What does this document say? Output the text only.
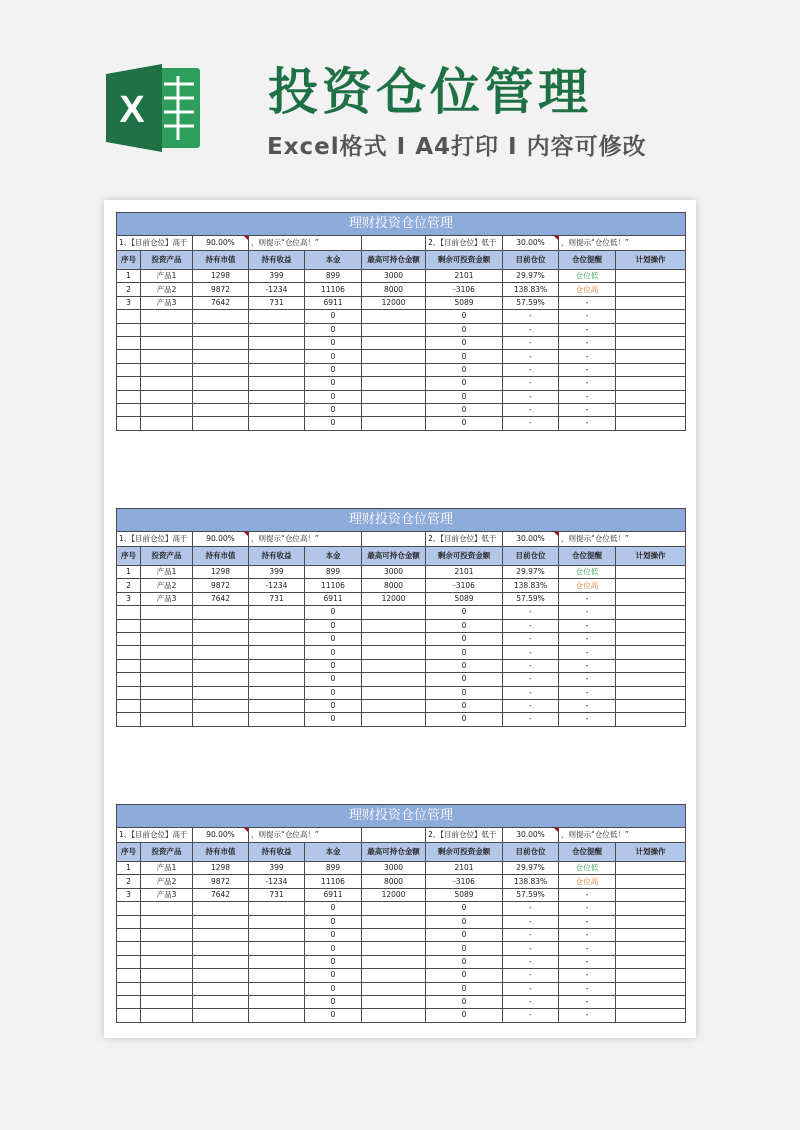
X 投资仓位管理
Excel格式 I A4打印 I 内容可修改
理财投资仓位管理									
1、【目前仓位】高于		90.00%	，则提示“仓位高！”			2、【目前仓位】低于	30.00%	，则提示“仓位低！”	
序号	投资产品	持有市值	持有收益	本金	最高可持仓金额	剩余可投资金额	目前仓位	仓位提醒	计划操作
1	产品1	1298	399	899	3000	2101	29.97%	仓位低	
2	产品2	9872	-1234	11106	8000	-3106	138.83%	仓位高	
3	产品3	7642	731	6911	12000	5089	57.59%	-	
				0		0	-	-	
				0		0	-	-	
				0		0	-	-	
				0		0	-	-	
				0		0	-	-	
				0		0	-	-	
				0		0	-	-	
				0		0	-	-	
				0		0	-	-	
理财投资仓位管理									
1、【目前仓位】高于		90.00%	，则提示“仓位高！”			2、【目前仓位】低于	30.00%	，则提示“仓位低！”	
序号	投资产品	持有市值	持有收益	本金	最高可持仓金额	剩余可投资金额	目前仓位	仓位提醒	计划操作
1	产品1	1298	399	899	3000	2101	29.97%	仓位低	
2	产品2	9872	-1234	11106	8000	-3106	138.83%	仓位高	
3	产品3	7642	731	6911	12000	5089	57.59%	-	
				0		0	-	-	
				0		0	-	-	
				0		0	-	-	
				0		0	-	-	
				0		0	-	-	
				0		0	-	-	
				0		0	-	-	
				0		0	-	-	
				0		0	-	-	
理财投资仓位管理									
1、【目前仓位】高于		90.00%	，则提示“仓位高！”			2、【目前仓位】低于	30.00%	，则提示“仓位低！”	
序号	投资产品	持有市值	持有收益	本金	最高可持仓金额	剩余可投资金额	目前仓位	仓位提醒	计划操作
1	产品1	1298	399	899	3000	2101	29.97%	仓位低	
2	产品2	9872	-1234	11106	8000	-3106	138.83%	仓位高	
3	产品3	7642	731	6911	12000	5089	57.59%	-	
				0		0	-	-	
				0		0	-	-	
				0		0	-	-	
				0		0	-	-	
				0		0	-	-	
				0		0	-	-	
				0		0	-	-	
				0		0	-	-	
				0		0	-	-	
